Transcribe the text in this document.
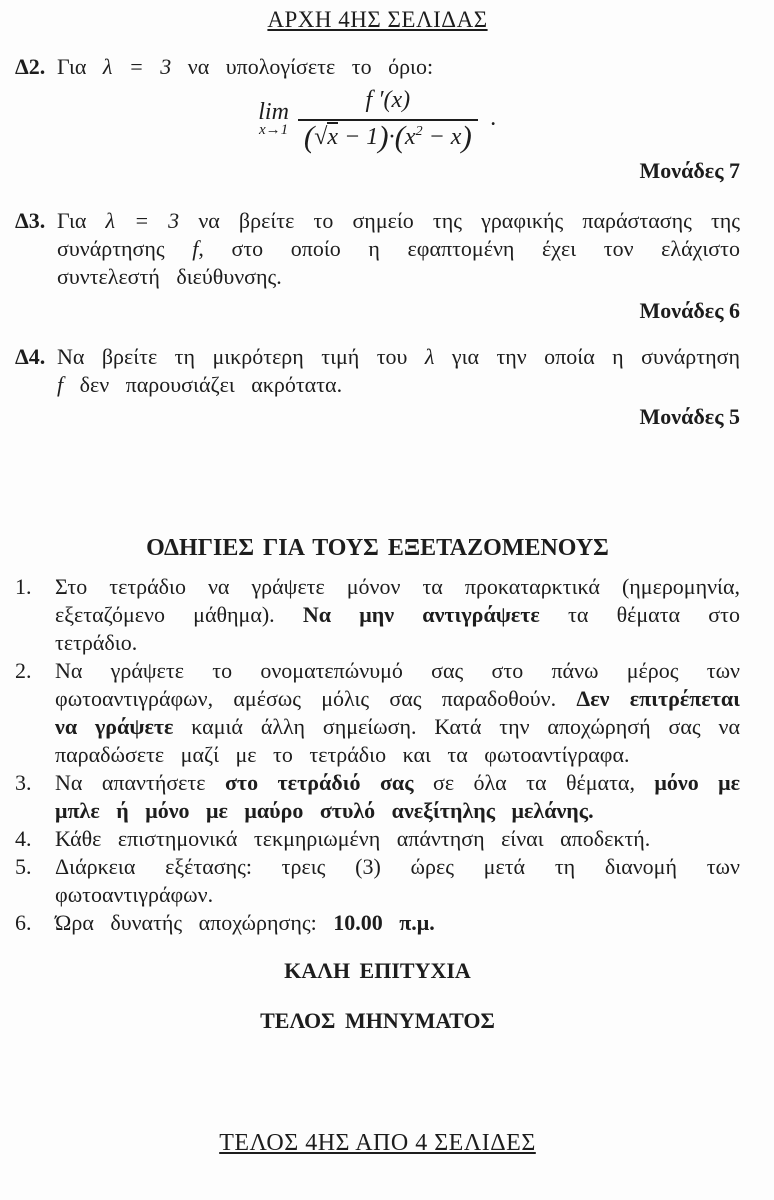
ΑΡΧΗ 4ΗΣ ΣΕΛΙΔΑΣ
Δ2. Για λ = 3 να υπολογίσετε το όριο:
lim
x→1
$\frac{f '(x)}{(√x - 1)\cdot(x^2 - x)}$ .
Μονάδες 7
Δ3. Για λ = 3 να βρείτε το σημείο της γραφικής παράστασης της συνάρτησης f, στο οποίο η εφαπτομένη έχει τον ελάχιστο συντελεστή διεύθυνσης.
Μονάδες 6
Δ4. Να βρείτε τη μικρότερη τιμή του λ για την οποία η συνάρτηση f δεν παρουσιάζει ακρότατα.
Μονάδες 5
ΟΔΗΓΙΕΣ ΓΙΑ ΤΟΥΣ ΕΞΕΤΑΖΟΜΕΝΟΥΣ
1.	Στο τετράδιο να γράψετε μόνον τα προκαταρκτικά (ημερομηνία, εξεταζόμενο μάθημα). Να μην αντιγράψετε τα θέματα στο τετράδιο.
2.	Να γράψετε το ονοματεπώνυμό σας στο πάνω μέρος των φωτοαντιγράφων, αμέσως μόλις σας παραδοθούν. Δεν επιτρέπεται να γράψετε καμιά άλλη σημείωση. Κατά την αποχώρησή σας να παραδώσετε μαζί με το τετράδιο και τα φωτοαντίγραφα.
3.	Να απαντήσετε στο τετράδιό σας σε όλα τα θέματα, μόνο με μπλε ή μόνο με μαύρο στυλό ανεξίτηλης μελάνης.
4.	Κάθε επιστημονικά τεκμηριωμένη απάντηση είναι αποδεκτή.
5.	Διάρκεια εξέτασης: τρεις (3) ώρες μετά τη διανομή των φωτοαντιγράφων.
6.	Ώρα δυνατής αποχώρησης: 10.00 π.μ.
ΚΑΛΗ ΕΠΙΤΥΧΙΑ
ΤΕΛΟΣ ΜΗΝΥΜΑΤΟΣ
ΤΕΛΟΣ 4ΗΣ ΑΠΟ 4 ΣΕΛΙΔΕΣ
